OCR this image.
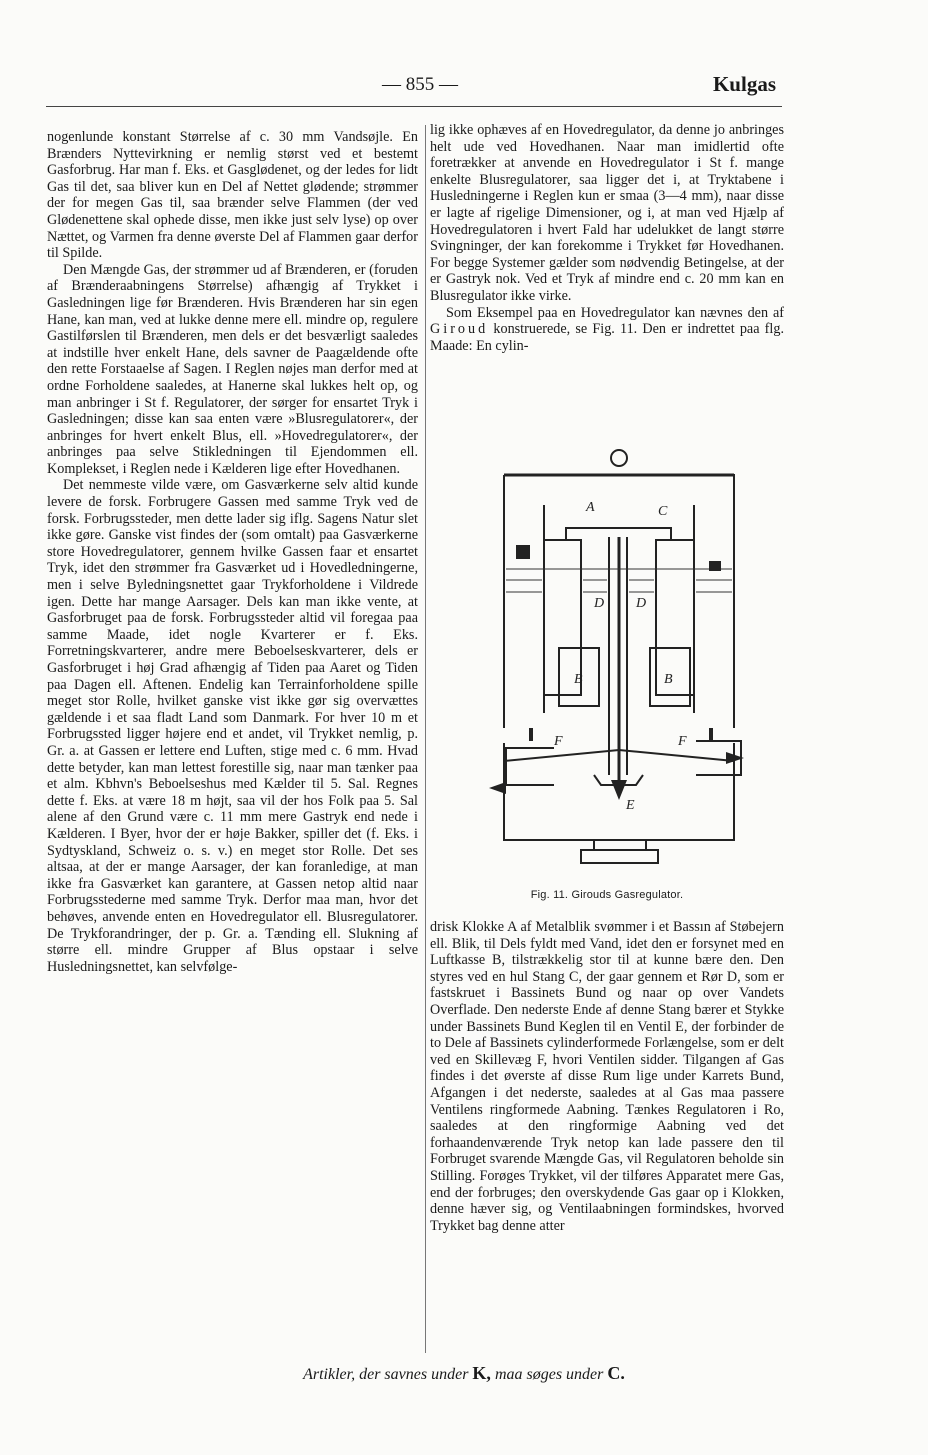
— 855 —	Kulgas

nogenlunde konstant Størrelse af c. 30 mm Vandsøjle. En Brænders Nyttevirkning er nemlig størst ved et bestemt Gasforbrug. Har man f. Eks. et Gasglødenet, og der ledes for lidt Gas til det, saa bliver kun en Del af Nettet glødende; strømmer der for megen Gas til, saa brænder selve Flammen (der ved Glødenettene skal ophede disse, men ikke just selv lyse) op over Nættet, og Varmen fra denne øverste Del af Flammen gaar derfor til Spilde.

Den Mængde Gas, der strømmer ud af Brænderen, er (foruden af Brænderaabningens Størrelse) afhængig af Trykket i Gasledningen lige før Brænderen. Hvis Brænderen har sin egen Hane, kan man, ved at lukke denne mere ell. mindre op, regulere Gastilførslen til Brænderen, men dels er det besværligt saaledes at indstille hver enkelt Hane, dels savner de Paagældende ofte den rette Forstaaelse af Sagen. I Reglen nøjes man derfor med at ordne Forholdene saaledes, at Hanerne skal lukkes helt op, og man anbringer i St f. Regulatorer, der sørger for ensartet Tryk i Gasledningen; disse kan saa enten være »Blusregulatorer«, der anbringes for hvert enkelt Blus, ell. »Hovedregulatorer«, der anbringes paa selve Stikledningen til Ejendommen ell. Komplekset, i Reglen nede i Kælderen lige efter Hovedhanen.

Det nemmeste vilde være, om Gasværkerne selv altid kunde levere de forsk. Forbrugere Gassen med samme Tryk ved de forsk. Forbrugssteder, men dette lader sig iflg. Sagens Natur slet ikke gøre. Ganske vist findes der (som omtalt) paa Gasværkerne store Hovedregulatorer, gennem hvilke Gassen faar et ensartet Tryk, idet den strømmer fra Gasværket ud i Hovedledningerne, men i selve Byledningsnettet gaar Trykforholdene i Vildrede igen. Dette har mange Aarsager. Dels kan man ikke vente, at Gasforbruget paa de forsk. Forbrugssteder altid vil foregaa paa samme Maade, idet nogle Kvarterer er f. Eks. Forretningskvarterer, andre mere Beboelseskvarterer, dels er Gasforbruget i høj Grad afhængig af Tiden paa Aaret og Tiden paa Dagen ell. Aftenen. Endelig kan Terrainforholdene spille meget stor Rolle, hvilket ganske vist ikke gør sig overvættes gældende i et saa fladt Land som Danmark. For hver 10 m et Forbrugssted ligger højere end et andet, vil Trykket nemlig, p. Gr. a. at Gassen er lettere end Luften, stige med c. 6 mm. Hvad dette betyder, kan man lettest forestille sig, naar man tænker paa et alm. Kbhvn's Beboelseshus med Kælder til 5. Sal. Regnes dette f. Eks. at være 18 m højt, saa vil der hos Folk paa 5. Sal alene af den Grund være c. 11 mm mere Gastryk end nede i Kælderen. I Byer, hvor der er høje Bakker, spiller det (f. Eks. i Sydtyskland, Schweiz o. s. v.) en meget stor Rolle. Det ses altsaa, at der er mange Aarsager, der kan foranledige, at man ikke fra Gasværket kan garantere, at Gassen netop altid naar Forbrugsstederne med samme Tryk. Derfor maa man, hvor det behøves, anvende enten en Hovedregulator ell. Blusregulatorer. De Trykforandringer, der p. Gr. a. Tænding ell. Slukning af større ell. mindre Grupper af Blus opstaar i selve Husledningsnettet, kan selvfølge-

lig ikke ophæves af en Hovedregulator, da denne jo anbringes helt ude ved Hovedhanen. Naar man imidlertid ofte foretrækker at anvende en Hovedregulator i St f. mange enkelte Blusregulatorer, saa ligger det i, at Tryktabene i Husledningerne i Reglen kun er smaa (3—4 mm), naar disse er lagte af rigelige Dimensioner, og i, at man ved Hjælp af Hovedregulatoren i hvert Fald har udelukket de langt større Svingninger, der kan forekomme i Trykket før Hovedhanen. For begge Systemer gælder som nødvendig Betingelse, at der er Gastryk nok. Ved et Tryk af mindre end c. 20 mm kan en Blusregulator ikke virke.

Som Eksempel paa en Hovedregulator kan nævnes den af Giroud konstruerede, se Fig. 11. Den er indrettet paa flg. Maade: En cylin-

A
B	B
C
D D
E
F	F
Fig. 11. Girouds Gasregulator.

drisk Klokke A af Metalblik svømmer i et Bassın af Støbejern ell. Blik, til Dels fyldt med Vand, idet den er forsynet med en Luftkasse B, tilstrækkelig stor til at kunne bære den. Den styres ved en hul Stang C, der gaar gennem et Rør D, som er fastskruet i Bassinets Bund og naar op over Vandets Overflade. Den nederste Ende af denne Stang bærer et Stykke under Bassinets Bund Keglen til en Ventil E, der forbinder de to Dele af Bassinets cylinderformede Forlængelse, som er delt ved en Skillevæg F, hvori Ventilen sidder. Tilgangen af Gas findes i det øverste af disse Rum lige under Karrets Bund, Afgangen i det nederste, saaledes at al Gas maa passere Ventilens ringformede Aabning. Tænkes Regulatoren i Ro, saaledes at den ringformige Aabning ved det forhaandenværende Tryk netop kan lade passere den til Forbruget svarende Mængde Gas, vil Regulatoren beholde sin Stilling. Forøges Trykket, vil der tilføres Apparatet mere Gas, end der forbruges; den overskydende Gas gaar op i Klokken, denne hæver sig, og Ventilaabningen formindskes, hvorved Trykket bag denne atter

Artikler, der savnes under K, maa søges under C.
